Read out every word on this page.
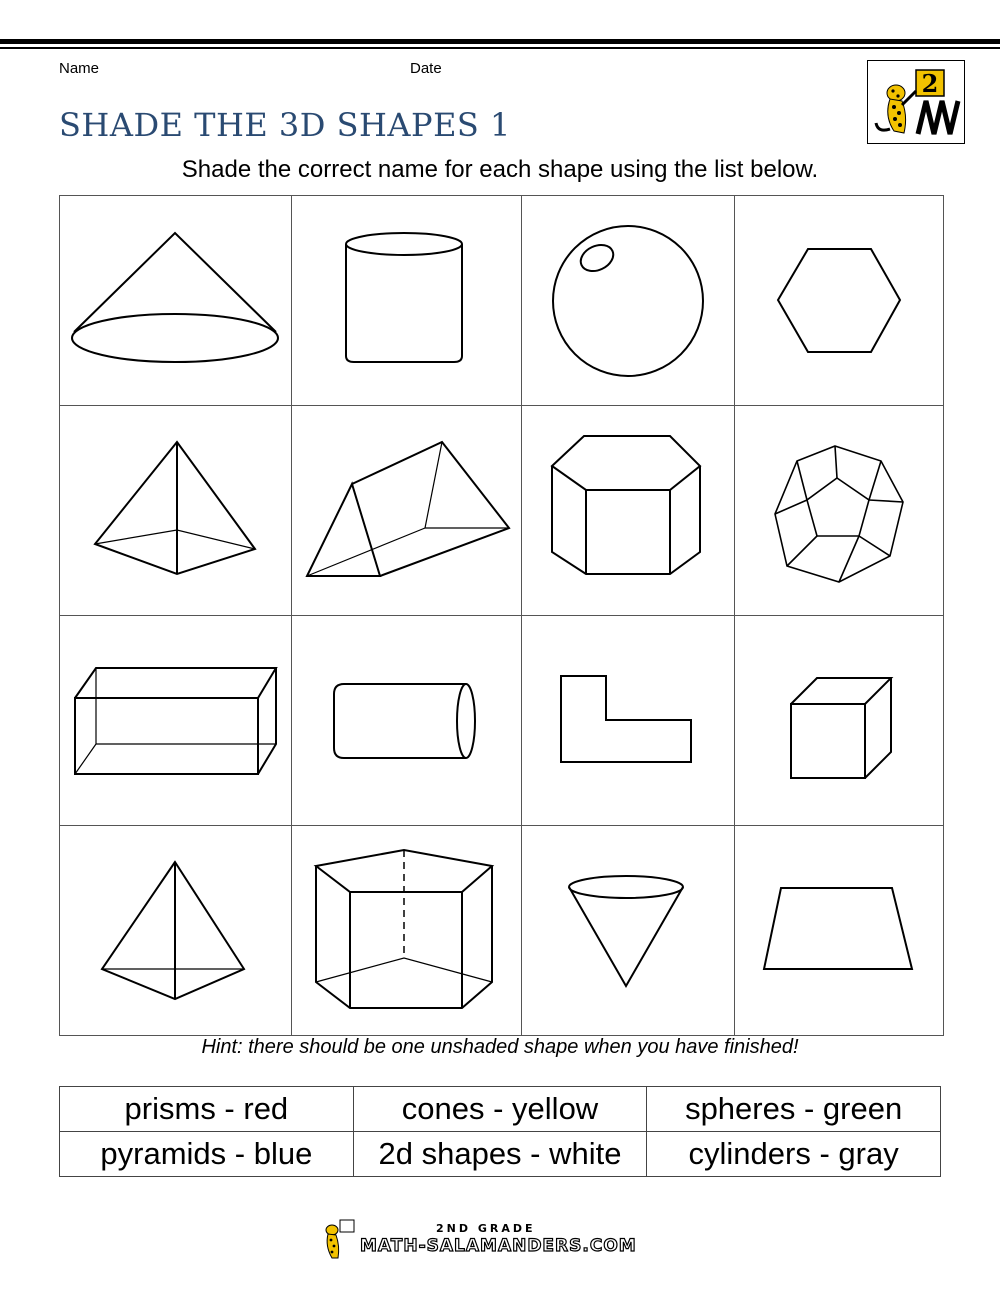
Name	Date
2
SHADE THE 3D SHAPES 1
Shade the correct name for each shape using the list below.

Hint: there should be one unshaded shape when you have finished!
prisms - red	cones - yellow	spheres - green
pyramids - blue	2d shapes - white	cylinders - gray
2ND GRADE
MATH-SALAMANDERS.COM
